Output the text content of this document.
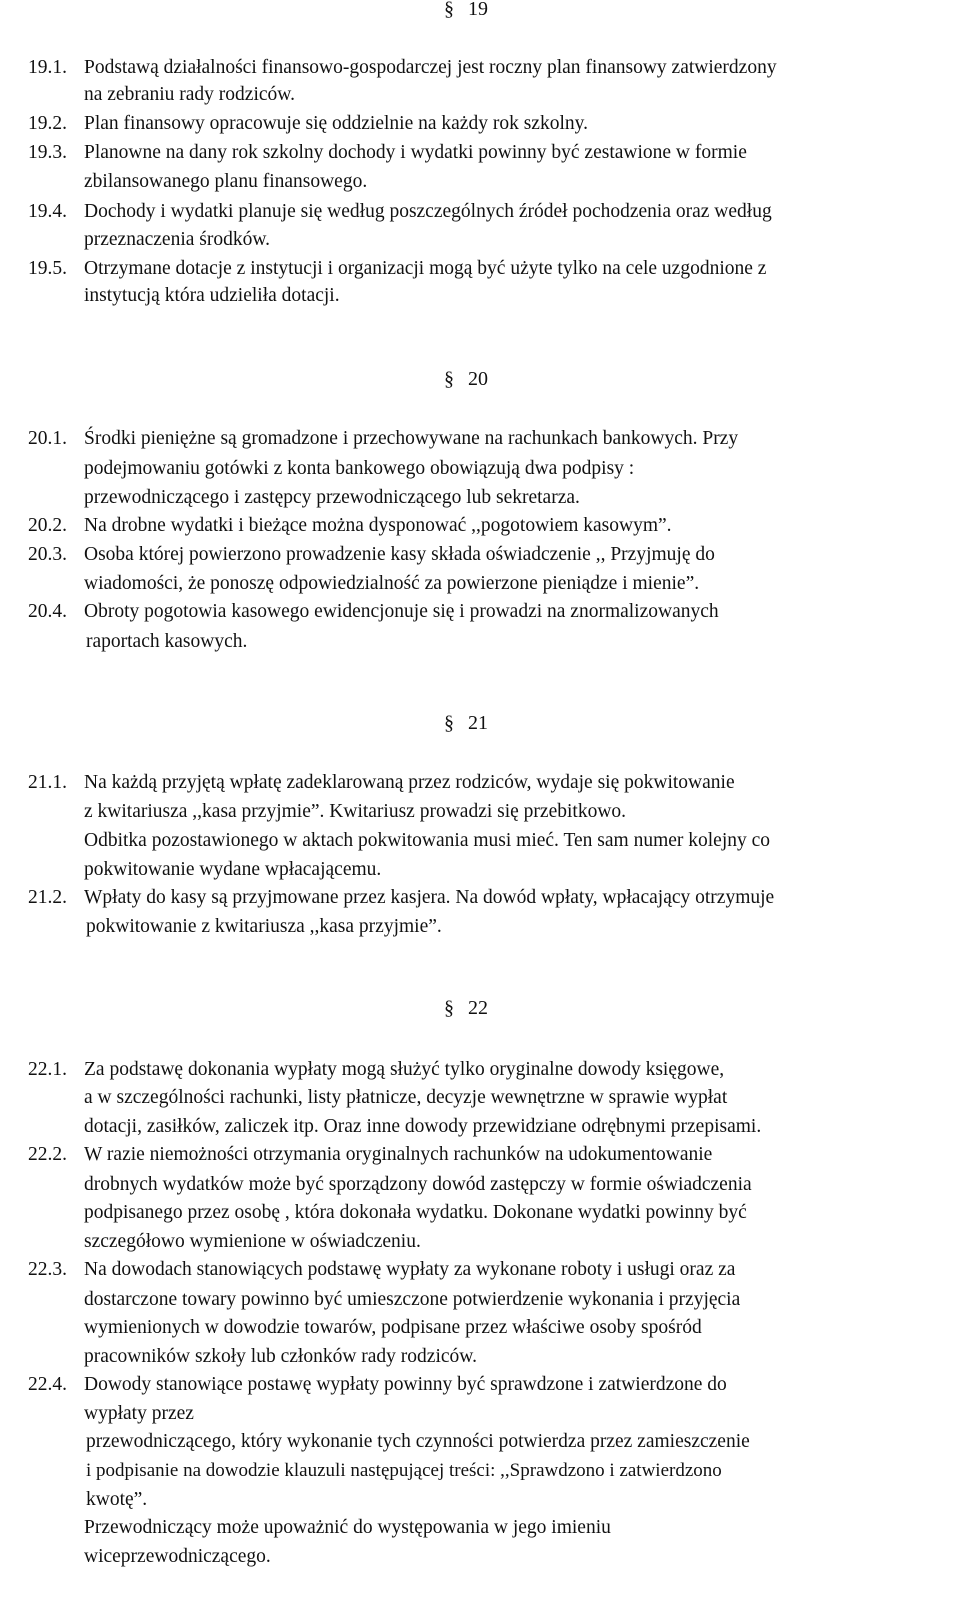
§ 19
19.1. Podstawą działalności finansowo-gospodarczej jest roczny plan finansowy zatwierdzony
na zebraniu rady rodziców.
19.2. Plan finansowy opracowuje się oddzielnie na każdy rok szkolny.
19.3. Planowne na dany rok szkolny dochody i wydatki powinny być zestawione w formie
zbilansowanego planu finansowego.
19.4. Dochody i wydatki planuje się według poszczególnych źródeł pochodzenia oraz według
przeznaczenia środków.
19.5. Otrzymane dotacje z instytucji i organizacji mogą być użyte tylko na cele uzgodnione z
instytucją która udzieliła dotacji.
§ 20
20.1. Środki pieniężne są gromadzone i przechowywane na rachunkach bankowych. Przy
podejmowaniu gotówki z konta bankowego obowiązują dwa podpisy :
przewodniczącego i zastępcy przewodniczącego lub sekretarza.
20.2. Na drobne wydatki i bieżące można dysponować ,,pogotowiem kasowym”.
20.3. Osoba której powierzono prowadzenie kasy składa oświadczenie ,, Przyjmuję do
wiadomości, że ponoszę odpowiedzialność za powierzone pieniądze i mienie”.
20.4. Obroty pogotowia kasowego ewidencjonuje się i prowadzi na znormalizowanych
raportach kasowych.
§ 21
21.1. Na każdą przyjętą wpłatę zadeklarowaną przez rodziców, wydaje się pokwitowanie
z kwitariusza ,,kasa przyjmie”. Kwitariusz prowadzi się przebitkowo.
Odbitka pozostawionego w aktach pokwitowania musi mieć. Ten sam numer kolejny co
pokwitowanie wydane wpłacającemu.
21.2. Wpłaty do kasy są przyjmowane przez kasjera. Na dowód wpłaty, wpłacający otrzymuje
pokwitowanie z kwitariusza ,,kasa przyjmie”.
§ 22
22.1. Za podstawę dokonania wypłaty mogą służyć tylko oryginalne dowody księgowe,
a w szczególności rachunki, listy płatnicze, decyzje wewnętrzne w sprawie wypłat
dotacji, zasiłków, zaliczek itp. Oraz inne dowody przewidziane odrębnymi przepisami.
22.2. W razie niemożności otrzymania oryginalnych rachunków na udokumentowanie
drobnych wydatków może być sporządzony dowód zastępczy w formie oświadczenia
podpisanego przez osobę , która dokonała wydatku. Dokonane wydatki powinny być
szczegółowo wymienione w oświadczeniu.
22.3. Na dowodach stanowiących podstawę wypłaty za wykonane roboty i usługi oraz za
dostarczone towary powinno być umieszczone potwierdzenie wykonania i przyjęcia
wymienionych w dowodzie towarów, podpisane przez właściwe osoby spośród
pracowników szkoły lub członków rady rodziców.
22.4. Dowody stanowiące postawę wypłaty powinny być sprawdzone i zatwierdzone do
wypłaty przez
przewodniczącego, który wykonanie tych czynności potwierdza przez zamieszczenie
i podpisanie na dowodzie klauzuli następującej treści: ,,Sprawdzono i zatwierdzono
kwotę”.
Przewodniczący może upoważnić do występowania w jego imieniu
wiceprzewodniczącego.
